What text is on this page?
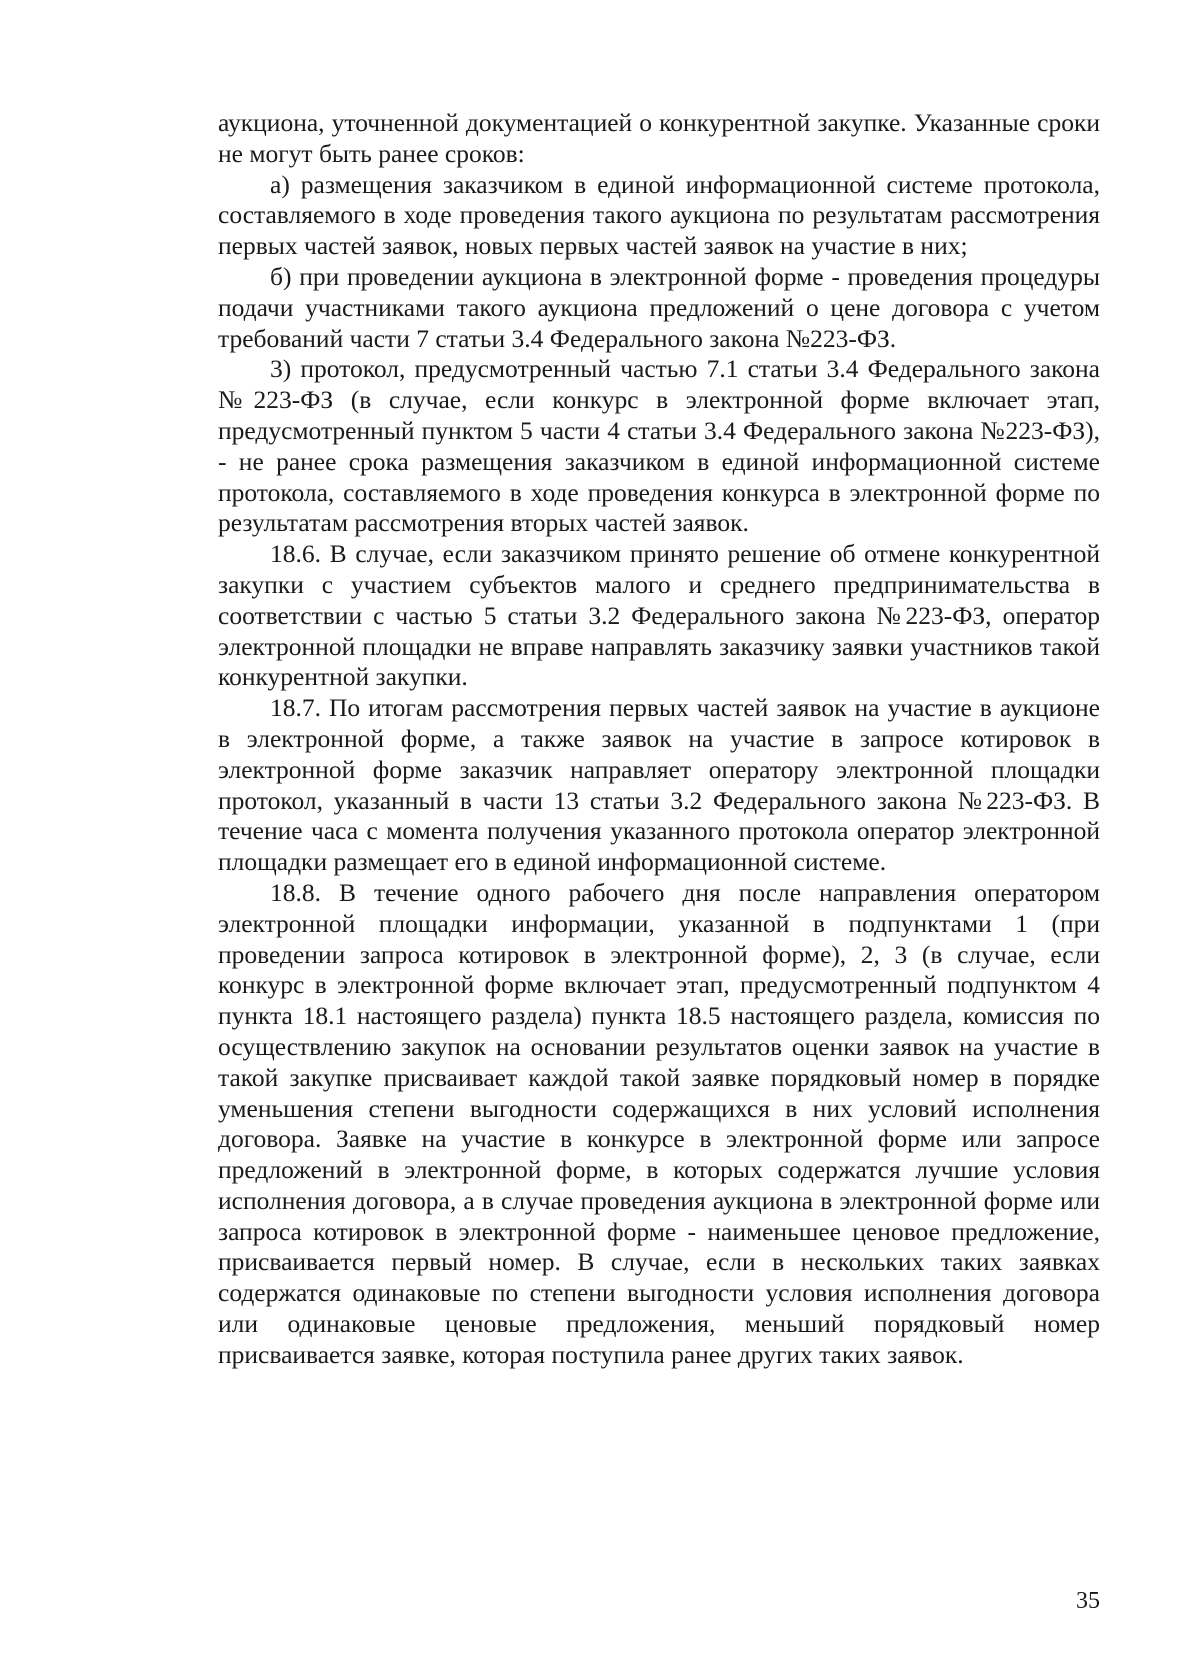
аукциона, уточненной документацией о конкурентной закупке. Указанные сроки не могут быть ранее сроков:

а) размещения заказчиком в единой информационной системе протокола, составляемого в ходе проведения такого аукциона по результатам рассмотрения первых частей заявок, новых первых частей заявок на участие в них;

б) при проведении аукциона в электронной форме - проведения процедуры подачи участниками такого аукциона предложений о цене договора с учетом требований части 7 статьи 3.4 Федерального закона №223-ФЗ.

3) протокол, предусмотренный частью 7.1 статьи 3.4 Федерального закона №223-ФЗ (в случае, если конкурс в электронной форме включает этап, предусмотренный пунктом 5 части 4 статьи 3.4 Федерального закона №223-ФЗ), - не ранее срока размещения заказчиком в единой информационной системе протокола, составляемого в ходе проведения конкурса в электронной форме по результатам рассмотрения вторых частей заявок.

18.6. В случае, если заказчиком принято решение об отмене конкурентной закупки с участием субъектов малого и среднего предпринимательства в соответствии с частью 5 статьи 3.2 Федерального закона №223-ФЗ, оператор электронной площадки не вправе направлять заказчику заявки участников такой конкурентной закупки.

18.7. По итогам рассмотрения первых частей заявок на участие в аукционе в электронной форме, а также заявок на участие в запросе котировок в электронной форме заказчик направляет оператору электронной площадки протокол, указанный в части 13 статьи 3.2 Федерального закона №223-ФЗ. В течение часа с момента получения указанного протокола оператор электронной площадки размещает его в единой информационной системе.

18.8. В течение одного рабочего дня после направления оператором электронной площадки информации, указанной в подпунктами 1 (при проведении запроса котировок в электронной форме), 2, 3 (в случае, если конкурс в электронной форме включает этап, предусмотренный подпунктом 4 пункта 18.1 настоящего раздела) пункта 18.5 настоящего раздела, комиссия по осуществлению закупок на основании результатов оценки заявок на участие в такой закупке присваивает каждой такой заявке порядковый номер в порядке уменьшения степени выгодности содержащихся в них условий исполнения договора. Заявке на участие в конкурсе в электронной форме или запросе предложений в электронной форме, в которых содержатся лучшие условия исполнения договора, а в случае проведения аукциона в электронной форме или запроса котировок в электронной форме - наименьшее ценовое предложение, присваивается первый номер. В случае, если в нескольких таких заявках содержатся одинаковые по степени выгодности условия исполнения договора или одинаковые ценовые предложения, меньший порядковый номер присваивается заявке, которая поступила ранее других таких заявок.

35
